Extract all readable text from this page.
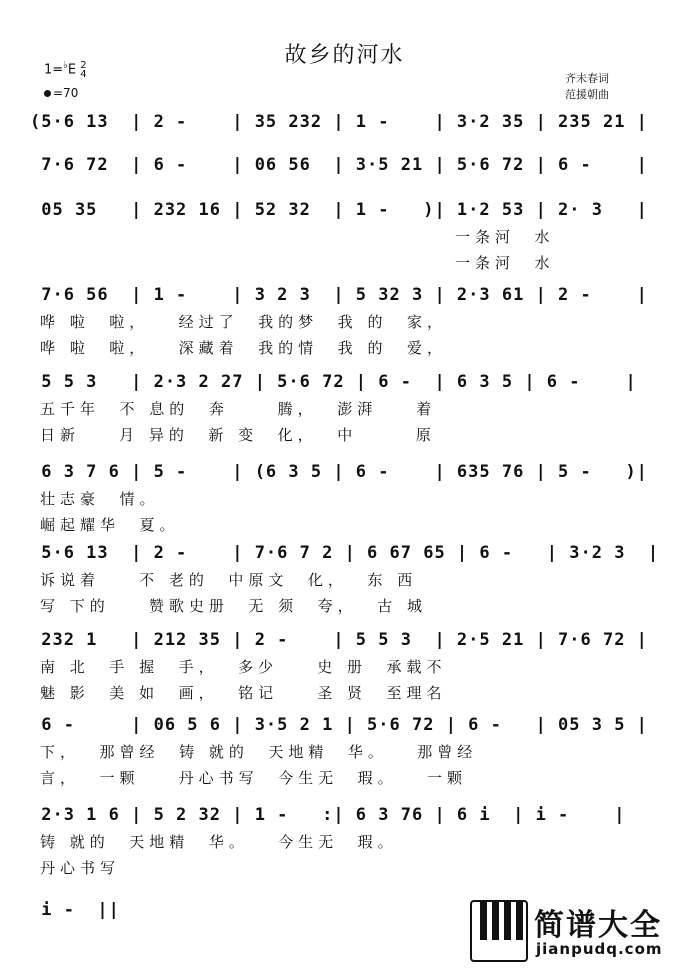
故乡的河水
齐未春词
范援朝曲
1=♭E 2
4
=70
(5·6 13  | 2 -    | 35 232 | 1 -    | 3·2 35 | 235 21 |
7·6 72  | 6 -    | 06 56  | 3·5 21 | 5·6 72 | 6 -    |
05 35   | 232 16 | 52 32  | 1 -   )| 1·2 53 | 2· 3   |
一条河  水
一条河  水
7·6 56  | 1 -    | 3 2 3  | 5 32 3 | 2·3 61 | 2 -    |
哗 啦  啦，   经过了  我的梦  我 的  家，
哗 啦  啦，   深藏着  我的情  我 的  爱，
5 5 3   | 2·3 2 27 | 5·6 72 | 6 -  | 6 3 5 | 6 -    |
五千年  不 息的  奔     腾，  澎湃    着
日新    月 异的  新 变  化，  中      原
6 3 7 6 | 5 -    | (6 3 5 | 6 -    | 635 76 | 5 -   )|
壮志豪  情。
崛起耀华  夏。
5·6 13  | 2 -    | 7·6 7 2 | 6 67 65 | 6 -   | 3·2 3  |
诉说着    不 老的  中原文  化，  东 西
写 下的    赞歌史册  无 须  夸，  古 城
232 1   | 212 35 | 2 -    | 5 5 3  | 2·5 21 | 7·6 72 |
南 北  手 握  手，  多少    史 册  承载不
魅 影  美 如  画，  铭记    圣 贤  至理名
6 -     | 06 5 6 | 3·5 2 1 | 5·6 72 | 6 -   | 05 3 5 |
下，  那曾经  铸 就的  天地精  华。   那曾经
言，  一颗    丹心书写  今生无  瑕。   一颗
2·3 1 6 | 5 2 32 | 1 -   :| 6 3 76 | 6 i  | i -    |
铸 就的  天地精  华。   今生无  瑕。
丹心书写
i -  ||	简谱大全
jianpudq.com
